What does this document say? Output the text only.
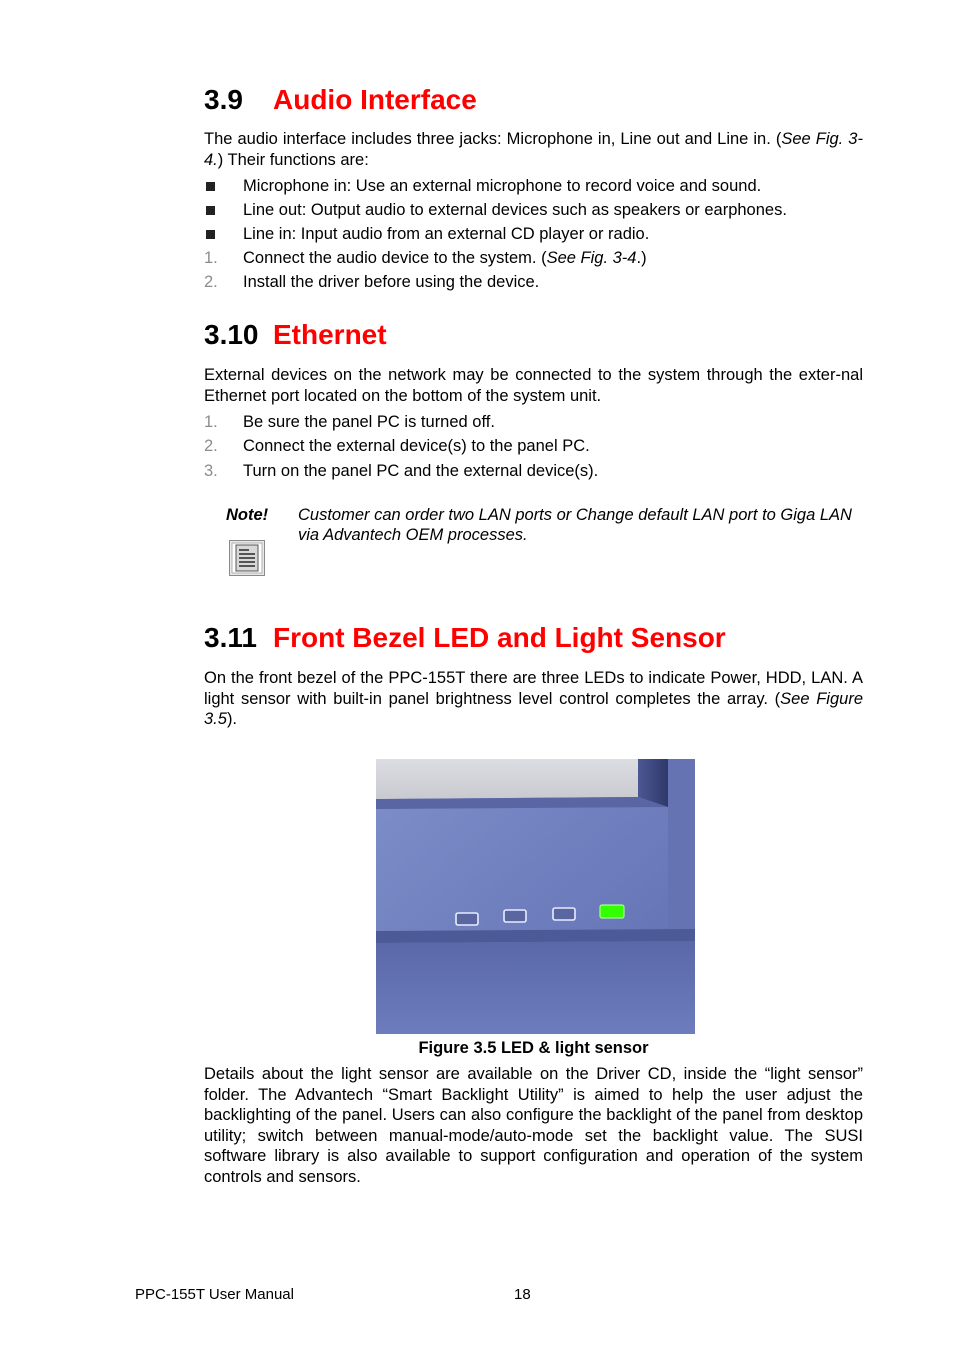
3.9 Audio Interface

The audio interface includes three jacks: Microphone in, Line out and Line in. (See Fig. 3-4.) Their functions are:

Microphone in: Use an external microphone to record voice and sound.
Line out: Output audio to external devices such as speakers or earphones.
Line in: Input audio from an external CD player or radio.
1.	Connect the audio device to the system. (See Fig. 3-4.)
2.	Install the driver before using the device.
3.10 Ethernet

External devices on the network may be connected to the system through the exter-nal Ethernet port located on the bottom of the system unit.

1.	Be sure the panel PC is turned off.
2.	Connect the external device(s) to the panel PC.
3.	Turn on the panel PC and the external device(s).
Note! Customer can order two LAN ports or Change default LAN port to Giga LAN via Advantech OEM processes.
3.11 Front Bezel LED and Light Sensor

On the front bezel of the PPC-155T there are three LEDs to indicate Power, HDD, LAN. A light sensor with built-in panel brightness level control completes the array. (See Figure 3.5).

Figure 3.5 LED & light sensor

Details about the light sensor are available on the Driver CD, inside the “light sensor” folder. The Advantech “Smart Backlight Utility” is aimed to help the user adjust the backlighting of the panel. Users can also configure the backlight of the panel from desktop utility; switch between manual-mode/auto-mode set the backlight value. The SUSI software library is also available to support configuration and operation of the system controls and sensors.

PPC-155T User Manual	18
